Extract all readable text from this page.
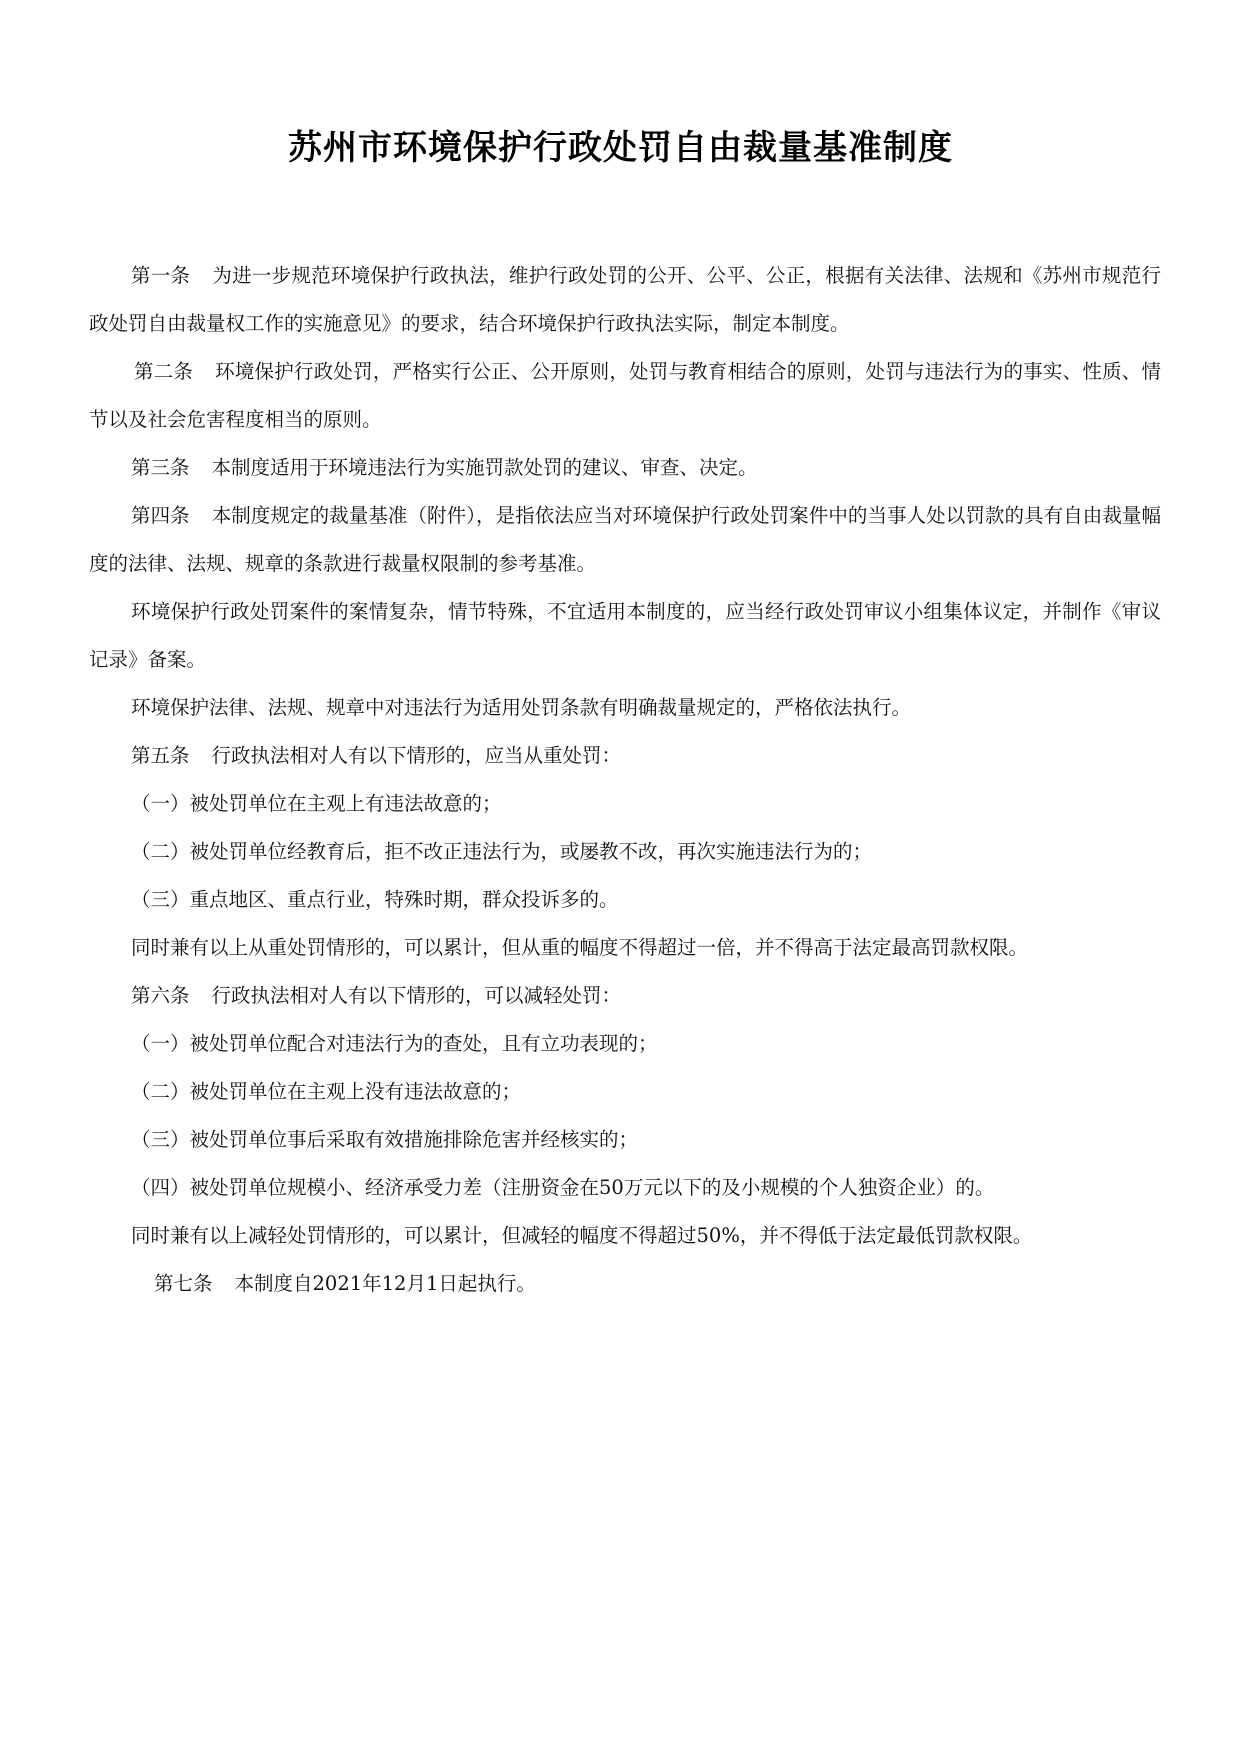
苏州市环境保护行政处罚自由裁量基准制度

第一条 为进一步规范环境保护行政执法，维护行政处罚的公开、公平、公正，根据有关法律、法规和《苏州市规范行政处罚自由裁量权工作的实施意见》的要求，结合环境保护行政执法实际，制定本制度。

第二条 环境保护行政处罚，严格实行公正、公开原则，处罚与教育相结合的原则，处罚与违法行为的事实、性质、情节以及社会危害程度相当的原则。

第三条 本制度适用于环境违法行为实施罚款处罚的建议、审查、决定。

第四条 本制度规定的裁量基准（附件），是指依法应当对环境保护行政处罚案件中的当事人处以罚款的具有自由裁量幅度的法律、法规、规章的条款进行裁量权限制的参考基准。

环境保护行政处罚案件的案情复杂，情节特殊，不宜适用本制度的，应当经行政处罚审议小组集体议定，并制作《审议记录》备案。

环境保护法律、法规、规章中对违法行为适用处罚条款有明确裁量规定的，严格依法执行。

第五条 行政执法相对人有以下情形的，应当从重处罚：

（一）被处罚单位在主观上有违法故意的；

（二）被处罚单位经教育后，拒不改正违法行为，或屡教不改，再次实施违法行为的；

（三）重点地区、重点行业，特殊时期，群众投诉多的。

同时兼有以上从重处罚情形的，可以累计，但从重的幅度不得超过一倍，并不得高于法定最高罚款权限。

第六条 行政执法相对人有以下情形的，可以减轻处罚：

（一）被处罚单位配合对违法行为的查处，且有立功表现的；

（二）被处罚单位在主观上没有违法故意的；

（三）被处罚单位事后采取有效措施排除危害并经核实的；

（四）被处罚单位规模小、经济承受力差（注册资金在50万元以下的及小规模的个人独资企业）的。

同时兼有以上减轻处罚情形的，可以累计，但减轻的幅度不得超过50%，并不得低于法定最低罚款权限。

第七条 本制度自2021年12月1日起执行。
